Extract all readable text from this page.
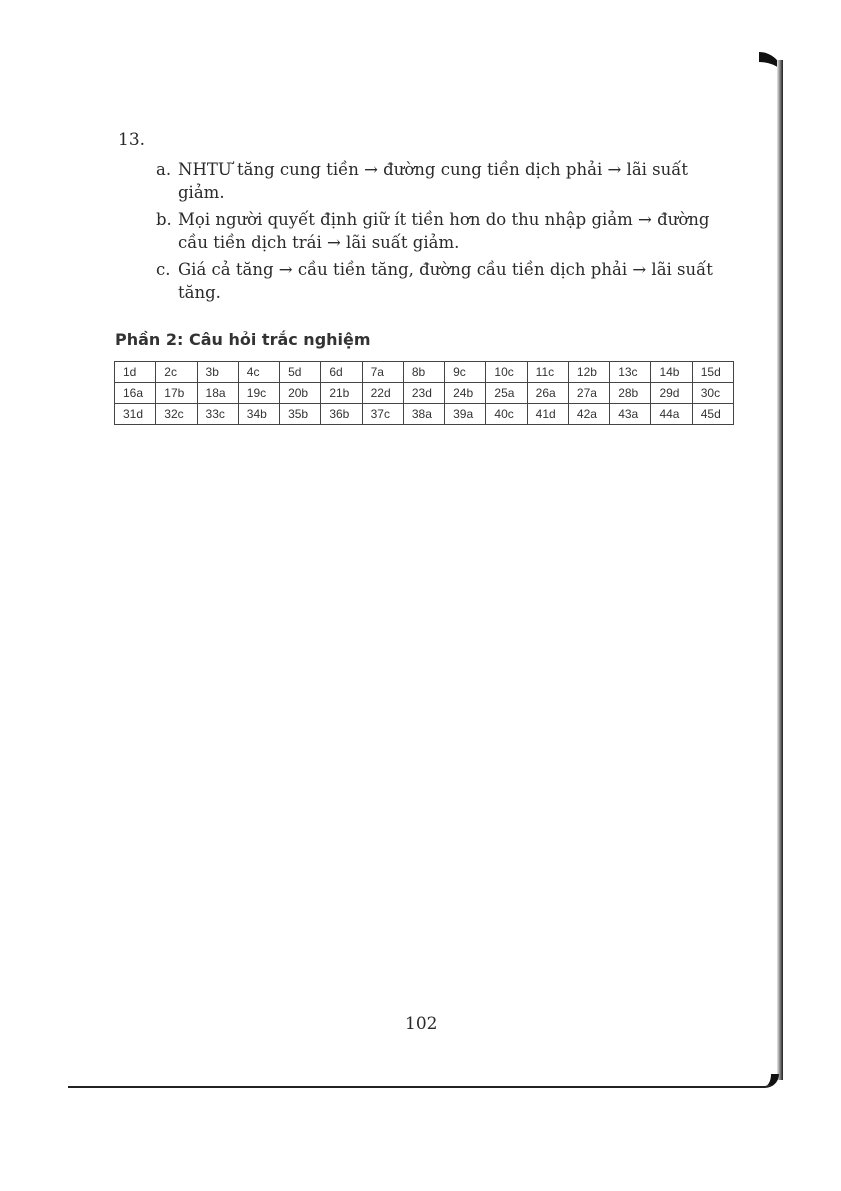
13.
a. NHTƯ tăng cung tiền → đường cung tiền dịch phải → lãi suất giảm.
b. Mọi người quyết định giữ ít tiền hơn do thu nhập giảm → đường cầu tiền dịch trái → lãi suất giảm.
c. Giá cả tăng → cầu tiền tăng, đường cầu tiền dịch phải → lãi suất tăng.
Phần 2: Câu hỏi trắc nghiệm
1d	2c	3b	4c	5d	6d	7a	8b	9c	10c	11c	12b	13c	14b	15d
16a	17b	18a	19c	20b	21b	22d	23d	24b	25a	26a	27a	28b	29d	30c
31d	32c	33c	34b	35b	36b	37c	38a	39a	40c	41d	42a	43a	44a	45d
102
